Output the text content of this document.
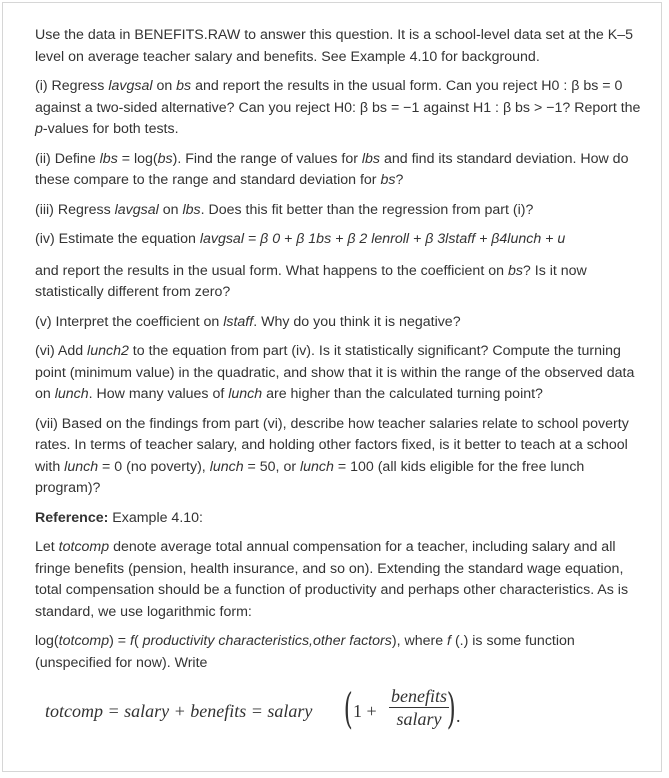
Use the data in BENEFITS.RAW to answer this question. It is a school-level data set at the K–5 level on average teacher salary and benefits. See Example 4.10 for background.

(i) Regress lavgsal on bs and report the results in the usual form. Can you reject H0 : β bs = 0 against a two-sided alternative? Can you reject H0: β bs = −1 against H1 : β bs > −1? Report the p-values for both tests.

(ii) Define lbs = log(bs). Find the range of values for lbs and find its standard deviation. How do these compare to the range and standard deviation for bs?

(iii) Regress lavgsal on lbs. Does this fit better than the regression from part (i)?

(iv) Estimate the equation lavgsal = β 0 + β 1bs + β 2 lenroll + β 3lstaff + β4lunch + u

and report the results in the usual form. What happens to the coefficient on bs? Is it now statistically different from zero?

(v) Interpret the coefficient on lstaff. Why do you think it is negative?

(vi) Add lunch2 to the equation from part (iv). Is it statistically significant? Compute the turning point (minimum value) in the quadratic, and show that it is within the range of the observed data on lunch. How many values of lunch are higher than the calculated turning point?

(vii) Based on the findings from part (vi), describe how teacher salaries relate to school poverty rates. In terms of teacher salary, and holding other factors fixed, is it better to teach at a school with lunch = 0 (no poverty), lunch = 50, or lunch = 100 (all kids eligible for the free lunch program)?

Reference: Example 4.10:

Let totcomp denote average total annual compensation for a teacher, including salary and all fringe benefits (pension, health insurance, and so on). Extending the standard wage equation, total compensation should be a function of productivity and perhaps other characteristics. As is standard, we use logarithmic form:

log(totcomp) = f( productivity characteristics,other factors), where f (.) is some function (unspecified for now). Write

totcomp = salary + benefits = salary ( 1 +
benefits
salary ) .
